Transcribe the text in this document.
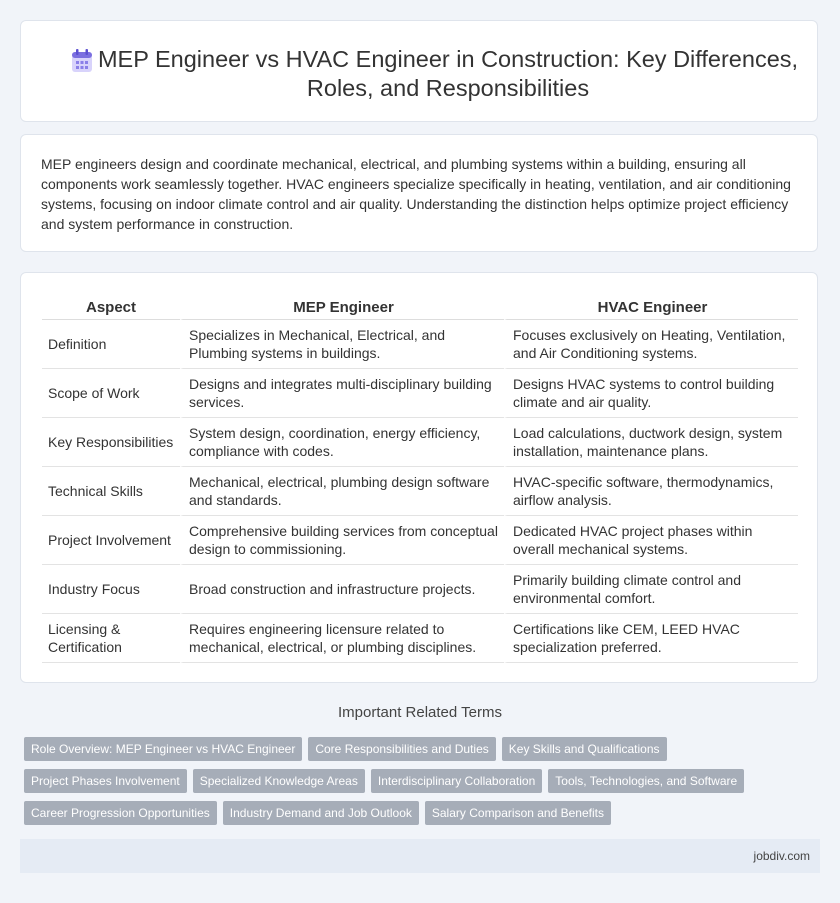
MEP Engineer vs HVAC Engineer in Construction: Key Differences, Roles, and Responsibilities

MEP engineers design and coordinate mechanical, electrical, and plumbing systems within a building, ensuring all components work seamlessly together. HVAC engineers specialize specifically in heating, ventilation, and air conditioning systems, focusing on indoor climate control and air quality. Understanding the distinction helps optimize project efficiency and system performance in construction.

Aspect	MEP Engineer	HVAC Engineer
Definition	Specializes in Mechanical, Electrical, and Plumbing systems in buildings.	Focuses exclusively on Heating, Ventilation, and Air Conditioning systems.
Scope of Work	Designs and integrates multi-disciplinary building services.	Designs HVAC systems to control building climate and air quality.
Key Responsibilities	System design, coordination, energy efficiency, compliance with codes.	Load calculations, ductwork design, system installation, maintenance plans.
Technical Skills	Mechanical, electrical, plumbing design software and standards.	HVAC-specific software, thermodynamics, airflow analysis.
Project Involvement	Comprehensive building services from conceptual design to commissioning.	Dedicated HVAC project phases within overall mechanical systems.
Industry Focus	Broad construction and infrastructure projects.	Primarily building climate control and environmental comfort.
Licensing & Certification	Requires engineering licensure related to mechanical, electrical, or plumbing disciplines.	Certifications like CEM, LEED HVAC specialization preferred.
Important Related Terms
Role Overview: MEP Engineer vs HVAC Engineer Core Responsibilities and Duties Key Skills and Qualifications
Project Phases Involvement Specialized Knowledge Areas Interdisciplinary Collaboration Tools, Technologies, and Software
Career Progression Opportunities Industry Demand and Job Outlook Salary Comparison and Benefits
jobdiv.com
